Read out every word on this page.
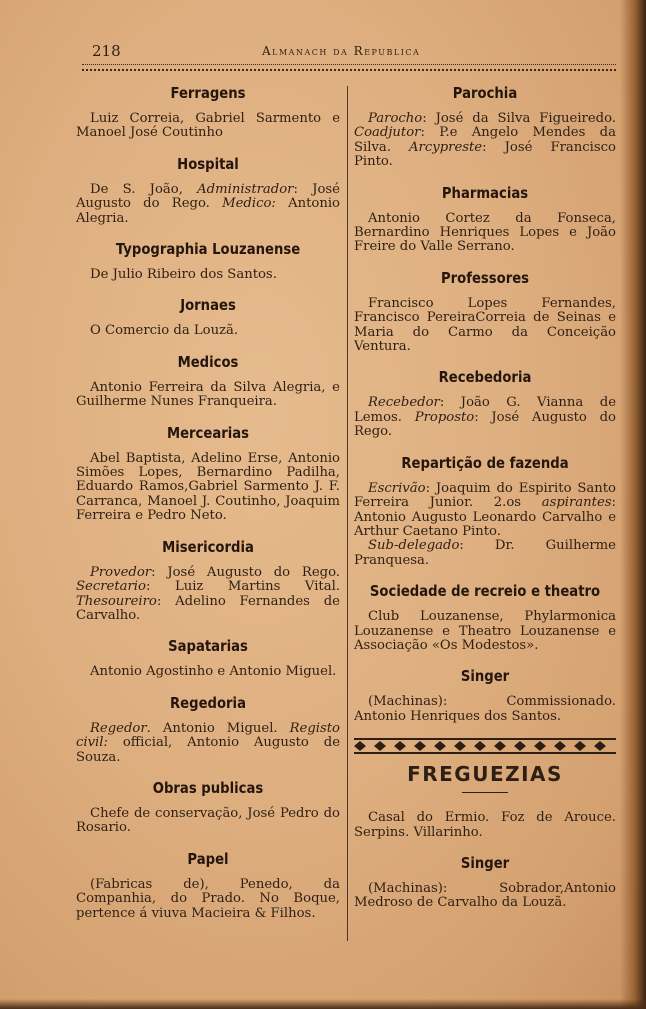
218	Almanach da Republica
Ferragens

Luiz Correia, Gabriel Sarmento e Manoel José Coutinho

Hospital

De S. João, Administrador: José Augusto do Rego. Medico: Antonio Alegria.

Typographia Louzanense

De Julio Ribeiro dos Santos.

Jornaes

O Comercio da Louzã.

Medicos

Antonio Ferreira da Silva Alegria, e Guilherme Nunes Franqueira.

Mercearias

Abel Baptista, Adelino Erse, Antonio Simões Lopes, Bernardino Padilha, Eduardo Ramos,Gabriel Sarmento J. F. Carranca, Manoel J. Coutinho, Joaquim Ferreira e Pedro Neto.

Misericordia

Provedor: José Augusto do Rego. Secretario: Luiz Martins Vital. Thesoureiro: Adelino Fernandes de Carvalho.

Sapatarias

Antonio Agostinho e Antonio Miguel.

Regedoria

Regedor. Antonio Miguel. Registo civil: official, Antonio Augusto de Souza.

Obras publicas

Chefe de conservação, José Pedro do Rosario.

Papel

(Fabricas de), Penedo, da Companhia, do Prado. No Boque, pertence á viuva Macieira & Filhos.

Parochia

Parocho: José da Silva Figueiredo. Coadjutor: P.e Angelo Mendes da Silva. Arcypreste: José Francisco Pinto.

Pharmacias

Antonio Cortez da Fonseca, Bernardino Henriques Lopes e João Freire do Valle Serrano.

Professores

Francisco Lopes Fernandes, Francisco PereiraCorreia de Seinas e Maria do Carmo da Conceição Ventura.

Recebedoria

Recebedor: João G. Vianna de Lemos. Proposto: José Augusto do Rego.

Repartição de fazenda

Escrivão: Joaquim do Espirito Santo Ferreira Junior. 2.os aspirantes: Antonio Augusto Leonardo Carvalho e Arthur Caetano Pinto.

Sub-delegado: Dr. Guilherme Pranquesa.

Sociedade de recreio e theatro

Club Louzanense, Phylarmonica Louzanense e Theatro Louzanense e Associação «Os Modestos».

Singer

(Machinas): Commissionado. Antonio Henriques dos Santos.

FREGUEZIAS

Casal do Ermio. Foz de Arouce. Serpins. Villarinho.

Singer

(Machinas): Sobrador,Antonio Medroso de Carvalho da Louzã.
